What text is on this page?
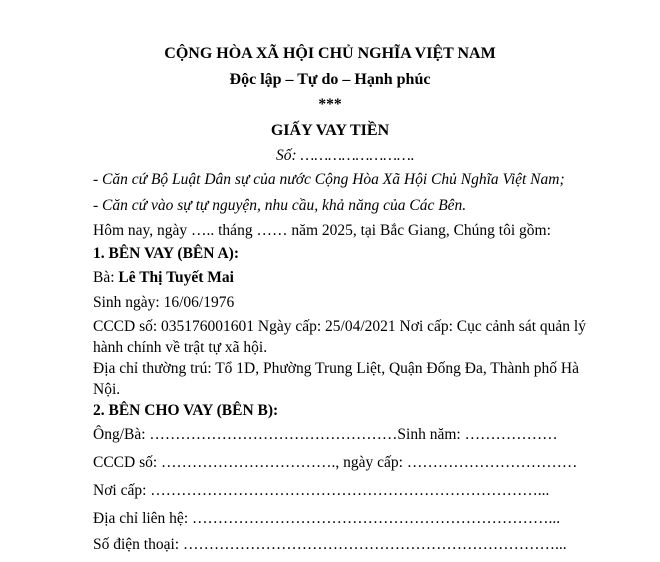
CỘNG HÒA XÃ HỘI CHỦ NGHĨA VIỆT NAM
Độc lập – Tự do – Hạnh phúc
***
GIẤY VAY TIỀN
Số: …………………….
- Căn cứ Bộ Luật Dân sự của nước Cộng Hòa Xã Hội Chủ Nghĩa Việt Nam;
- Căn cứ vào sự tự nguyện, nhu cầu, khả năng của Các Bên.
Hôm nay, ngày ….. tháng …… năm 2025, tại Bắc Giang, Chúng tôi gồm:
1. BÊN VAY (BÊN A):
Bà: Lê Thị Tuyết Mai
Sinh ngày: 16/06/1976
CCCD số: 035176001601 Ngày cấp: 25/04/2021 Nơi cấp: Cục cảnh sát quản lý hành chính về trật tự xã hội.
Địa chỉ thường trú: Tổ 1D, Phường Trung Liệt, Quận Đống Đa, Thành phố Hà Nội.
2. BÊN CHO VAY (BÊN B):
Ông/Bà: …………………………………………Sinh năm: ………………
CCCD số: ……………………………., ngày cấp: ……………………………
Nơi cấp: …………………………………………………………………...
Địa chỉ liên hệ: ……………………………………………………………...
Số điện thoại: ………………………………………………………………...
